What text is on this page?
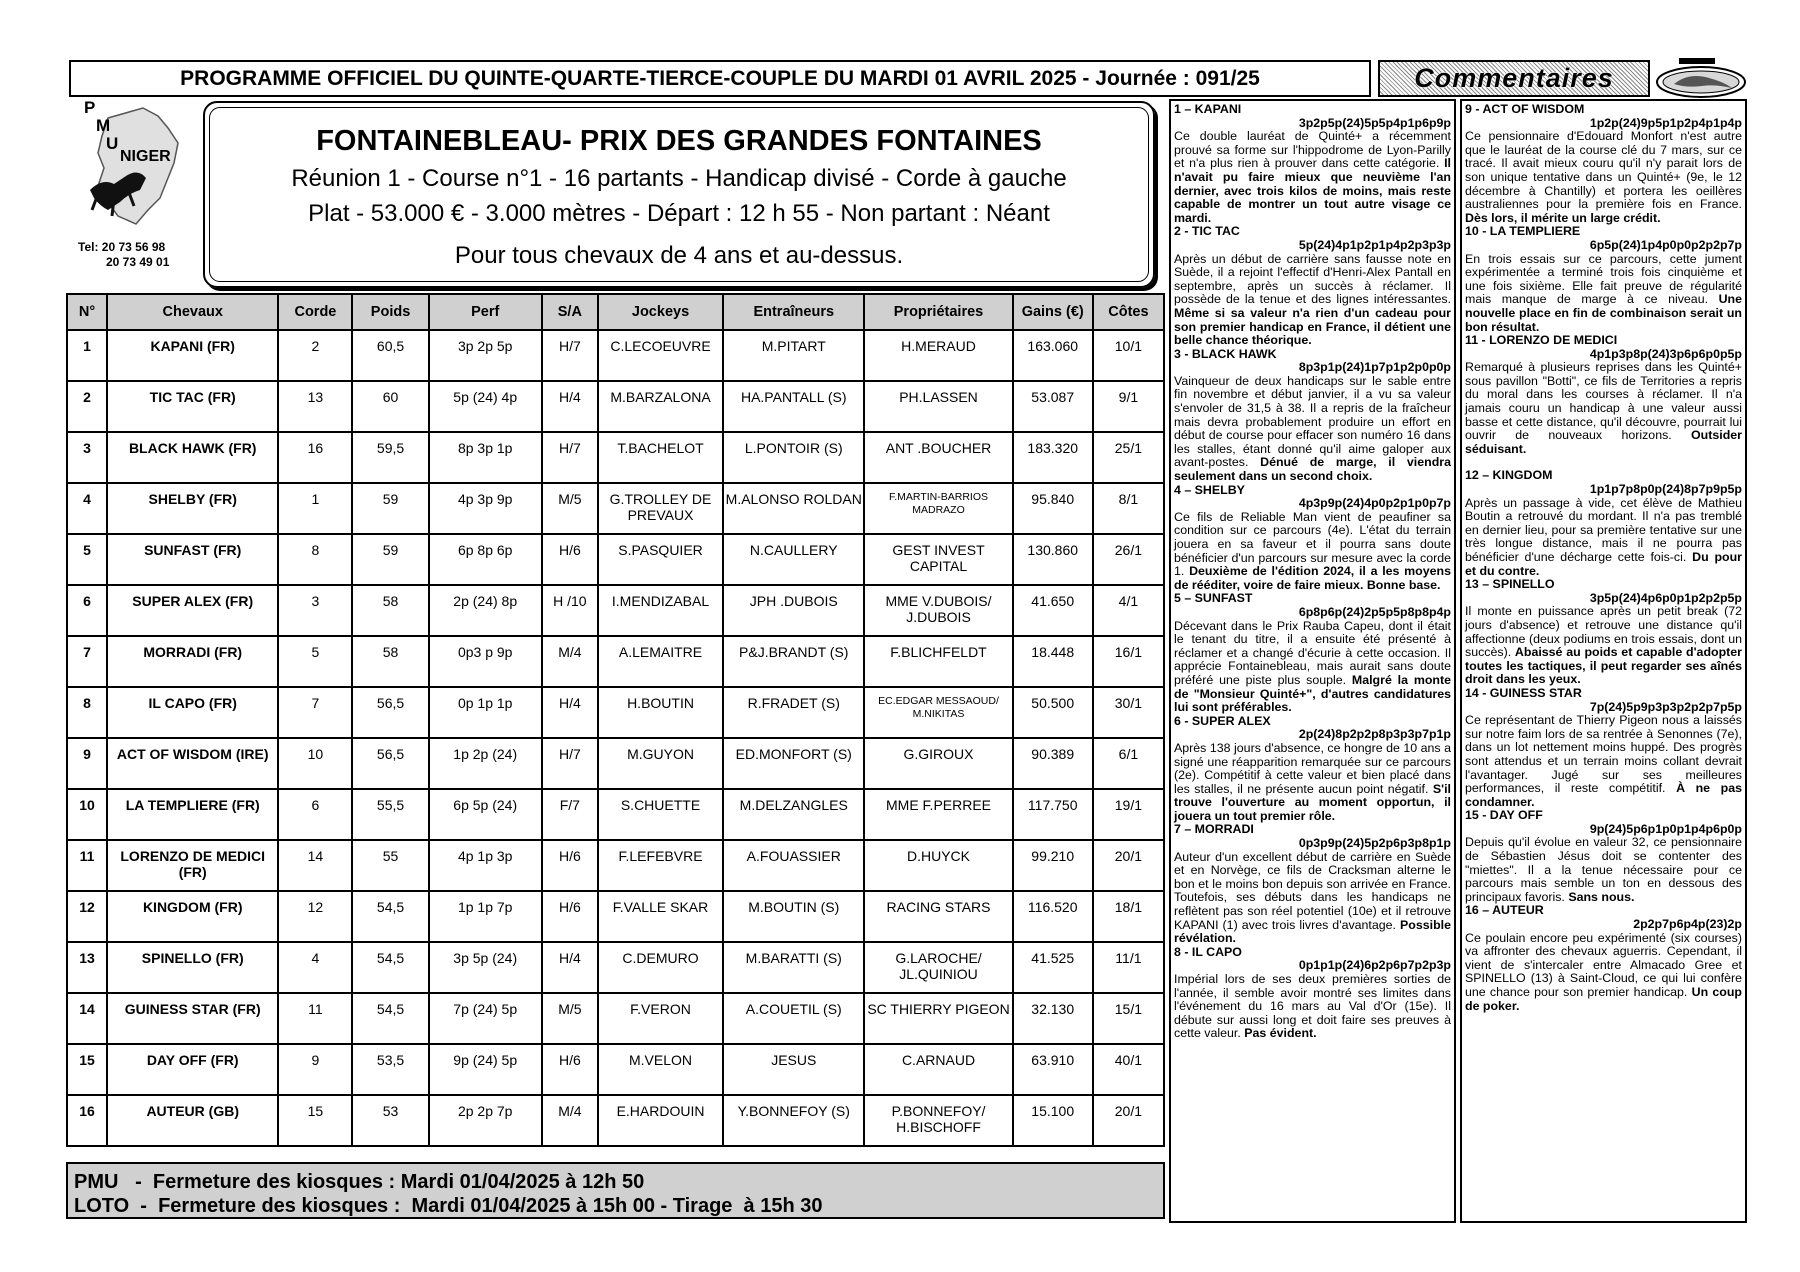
PROGRAMME OFFICIEL DU QUINTE-QUARTE-TIERCE-COUPLE DU MARDI 01 AVRIL 2025 - Journée : 091/25	Commentaires
P
M
U
NIGER
Tel: 20 73 56 98
20 73 49 01
FONTAINEBLEAU- PRIX DES GRANDES FONTAINES
Réunion 1 - Course n°1 - 16 partants - Handicap divisé - Corde à gauche
Plat - 53.000 € - 3.000 mètres - Départ : 12 h 55 - Non partant : Néant
Pour tous chevaux de 4 ans et au-dessus.
N°	Chevaux	Corde	Poids	Perf	S/A	Jockeys	Entraîneurs	Propriétaires	Gains (€)	Côtes
1	KAPANI (FR)	2	60,5	3p 2p 5p	H/7	C.LECOEUVRE	M.PITART	H.MERAUD	163.060	10/1
2	TIC TAC (FR)	13	60	5p (24) 4p	H/4	M.BARZALONA	HA.PANTALL (S)	PH.LASSEN	53.087	9/1
3	BLACK HAWK (FR)	16	59,5	8p 3p 1p	H/7	T.BACHELOT	L.PONTOIR (S)	ANT .BOUCHER	183.320	25/1
4	SHELBY (FR)	1	59	4p 3p 9p	M/5	G.TROLLEY DE PREVAUX	M.ALONSO ROLDAN	F.MARTIN-BARRIOS MADRAZO	95.840	8/1
5	SUNFAST (FR)	8	59	6p 8p 6p	H/6	S.PASQUIER	N.CAULLERY	GEST INVEST CAPITAL	130.860	26/1
6	SUPER ALEX (FR)	3	58	2p (24) 8p	H /10	I.MENDIZABAL	JPH .DUBOIS	MME V.DUBOIS/ J.DUBOIS	41.650	4/1
7	MORRADI (FR)	5	58	0p3 p 9p	M/4	A.LEMAITRE	P&J.BRANDT (S)	F.BLICHFELDT	18.448	16/1
8	IL CAPO (FR)	7	56,5	0p 1p 1p	H/4	H.BOUTIN	R.FRADET (S)	EC.EDGAR MESSAOUD/ M.NIKITAS	50.500	30/1
9	ACT OF WISDOM (IRE)	10	56,5	1p 2p (24)	H/7	M.GUYON	ED.MONFORT (S)	G.GIROUX	90.389	6/1
10	LA TEMPLIERE (FR)	6	55,5	6p 5p (24)	F/7	S.CHUETTE	M.DELZANGLES	MME F.PERREE	117.750	19/1
11	LORENZO DE MEDICI (FR)	14	55	4p 1p 3p	H/6	F.LEFEBVRE	A.FOUASSIER	D.HUYCK	99.210	20/1
12	KINGDOM (FR)	12	54,5	1p 1p 7p	H/6	F.VALLE SKAR	M.BOUTIN (S)	RACING STARS	116.520	18/1
13	SPINELLO (FR)	4	54,5	3p 5p (24)	H/4	C.DEMURO	M.BARATTI (S)	G.LAROCHE/ JL.QUINIOU	41.525	11/1
14	GUINESS STAR (FR)	11	54,5	7p (24) 5p	M/5	F.VERON	A.COUETIL (S)	SC THIERRY PIGEON	32.130	15/1
15	DAY OFF (FR)	9	53,5	9p (24) 5p	H/6	M.VELON	JESUS	C.ARNAUD	63.910	40/1
16	AUTEUR (GB)	15	53	2p 2p 7p	M/4	E.HARDOUIN	Y.BONNEFOY (S)	P.BONNEFOY/ H.BISCHOFF	15.100	20/1
PMU   -  Fermeture des kiosques : Mardi 01/04/2025 à 12h 50
LOTO  -  Fermeture des kiosques :  Mardi 01/04/2025 à 15h 00 - Tirage  à 15h 30
1 – KAPANI
3p2p5p(24)5p5p4p1p6p9p
Ce double lauréat de Quinté+ a récemment prouvé sa forme sur l'hippodrome de Lyon-Parilly et n'a plus rien à prouver dans cette catégorie. Il n'avait pu faire mieux que neuvième l'an dernier, avec trois kilos de moins, mais reste capable de montrer un tout autre visage ce mardi.
2 - TIC TAC
5p(24)4p1p2p1p4p2p3p3p
Après un début de carrière sans fausse note en Suède, il a rejoint l'effectif d'Henri-Alex Pantall en septembre, après un succès à réclamer. Il possède de la tenue et des lignes intéressantes. Même si sa valeur n'a rien d'un cadeau pour son premier handicap en France, il détient une belle chance théorique.
3 - BLACK HAWK
8p3p1p(24)1p7p1p2p0p0p
Vainqueur de deux handicaps sur le sable entre fin novembre et début janvier, il a vu sa valeur s'envoler de 31,5 à 38. Il a repris de la fraîcheur mais devra probablement produire un effort en début de course pour effacer son numéro 16 dans les stalles, étant donné qu'il aime galoper aux avant-postes. Dénué de marge, il viendra seulement dans un second choix.
4 – SHELBY
4p3p9p(24)4p0p2p1p0p7p
Ce fils de Reliable Man vient de peaufiner sa condition sur ce parcours (4e). L'état du terrain jouera en sa faveur et il pourra sans doute bénéficier d'un parcours sur mesure avec la corde 1. Deuxième de l'édition 2024, il a les moyens de rééditer, voire de faire mieux. Bonne base.
5 – SUNFAST
6p8p6p(24)2p5p5p8p8p4p
Décevant dans le Prix Rauba Capeu, dont il était le tenant du titre, il a ensuite été présenté à réclamer et a changé d'écurie à cette occasion. Il apprécie Fontainebleau, mais aurait sans doute préféré une piste plus souple. Malgré la monte de "Monsieur Quinté+", d'autres candidatures lui sont préférables.
6 - SUPER ALEX
2p(24)8p2p2p8p3p3p7p1p
Après 138 jours d'absence, ce hongre de 10 ans a signé une réapparition remarquée sur ce parcours (2e). Compétitif à cette valeur et bien placé dans les stalles, il ne présente aucun point négatif. S'il trouve l'ouverture au moment opportun, il jouera un tout premier rôle.
7 – MORRADI
0p3p9p(24)5p2p6p3p8p1p
Auteur d'un excellent début de carrière en Suède et en Norvège, ce fils de Cracksman alterne le bon et le moins bon depuis son arrivée en France. Toutefois, ses débuts dans les handicaps ne reflètent pas son réel potentiel (10e) et il retrouve KAPANI (1) avec trois livres d'avantage. Possible révélation.
8 - IL CAPO
0p1p1p(24)6p2p6p7p2p3p
Impérial lors de ses deux premières sorties de l'année, il semble avoir montré ses limites dans l'événement du 16 mars au Val d'Or (15e). Il débute sur aussi long et doit faire ses preuves à cette valeur. Pas évident.
9 - ACT OF WISDOM
1p2p(24)9p5p1p2p4p1p4p
Ce pensionnaire d'Edouard Monfort n'est autre que le lauréat de la course clé du 7 mars, sur ce tracé. Il avait mieux couru qu'il n'y parait lors de son unique tentative dans un Quinté+ (9e, le 12 décembre à Chantilly) et portera les oeillères australiennes pour la première fois en France. Dès lors, il mérite un large crédit.
10 - LA TEMPLIERE
6p5p(24)1p4p0p0p2p2p7p
En trois essais sur ce parcours, cette jument expérimentée a terminé trois fois cinquième et une fois sixième. Elle fait preuve de régularité mais manque de marge à ce niveau. Une nouvelle place en fin de combinaison serait un bon résultat.
11 - LORENZO DE MEDICI
4p1p3p8p(24)3p6p6p0p5p
Remarqué à plusieurs reprises dans les Quinté+ sous pavillon "Botti", ce fils de Territories a repris du moral dans les courses à réclamer. Il n'a jamais couru un handicap à une valeur aussi basse et cette distance, qu'il découvre, pourrait lui ouvrir de nouveaux horizons. Outsider séduisant.
12 – KINGDOM
1p1p7p8p0p(24)8p7p9p5p
Après un passage à vide, cet élève de Mathieu Boutin a retrouvé du mordant. Il n'a pas tremblé en dernier lieu, pour sa première tentative sur une très longue distance, mais il ne pourra pas bénéficier d'une décharge cette fois-ci. Du pour et du contre.
13 – SPINELLO
3p5p(24)4p6p0p1p2p2p5p
Il monte en puissance après un petit break (72 jours d'absence) et retrouve une distance qu'il affectionne (deux podiums en trois essais, dont un succès). Abaissé au poids et capable d'adopter toutes les tactiques, il peut regarder ses aînés droit dans les yeux.
14 - GUINESS STAR
7p(24)5p9p3p3p2p2p7p5p
Ce représentant de Thierry Pigeon nous a laissés sur notre faim lors de sa rentrée à Senonnes (7e), dans un lot nettement moins huppé. Des progrès sont attendus et un terrain moins collant devrait l'avantager. Jugé sur ses meilleures performances, il reste compétitif. À ne pas condamner.
15 - DAY OFF
9p(24)5p6p1p0p1p4p6p0p
Depuis qu'il évolue en valeur 32, ce pensionnaire de Sébastien Jésus doit se contenter des "miettes". Il a la tenue nécessaire pour ce parcours mais semble un ton en dessous des principaux favoris. Sans nous.
16 – AUTEUR
2p2p7p6p4p(23)2p
Ce poulain encore peu expérimenté (six courses) va affronter des chevaux aguerris. Cependant, il vient de s'intercaler entre Almacado Gree et SPINELLO (13) à Saint-Cloud, ce qui lui confère une chance pour son premier handicap. Un coup de poker.
